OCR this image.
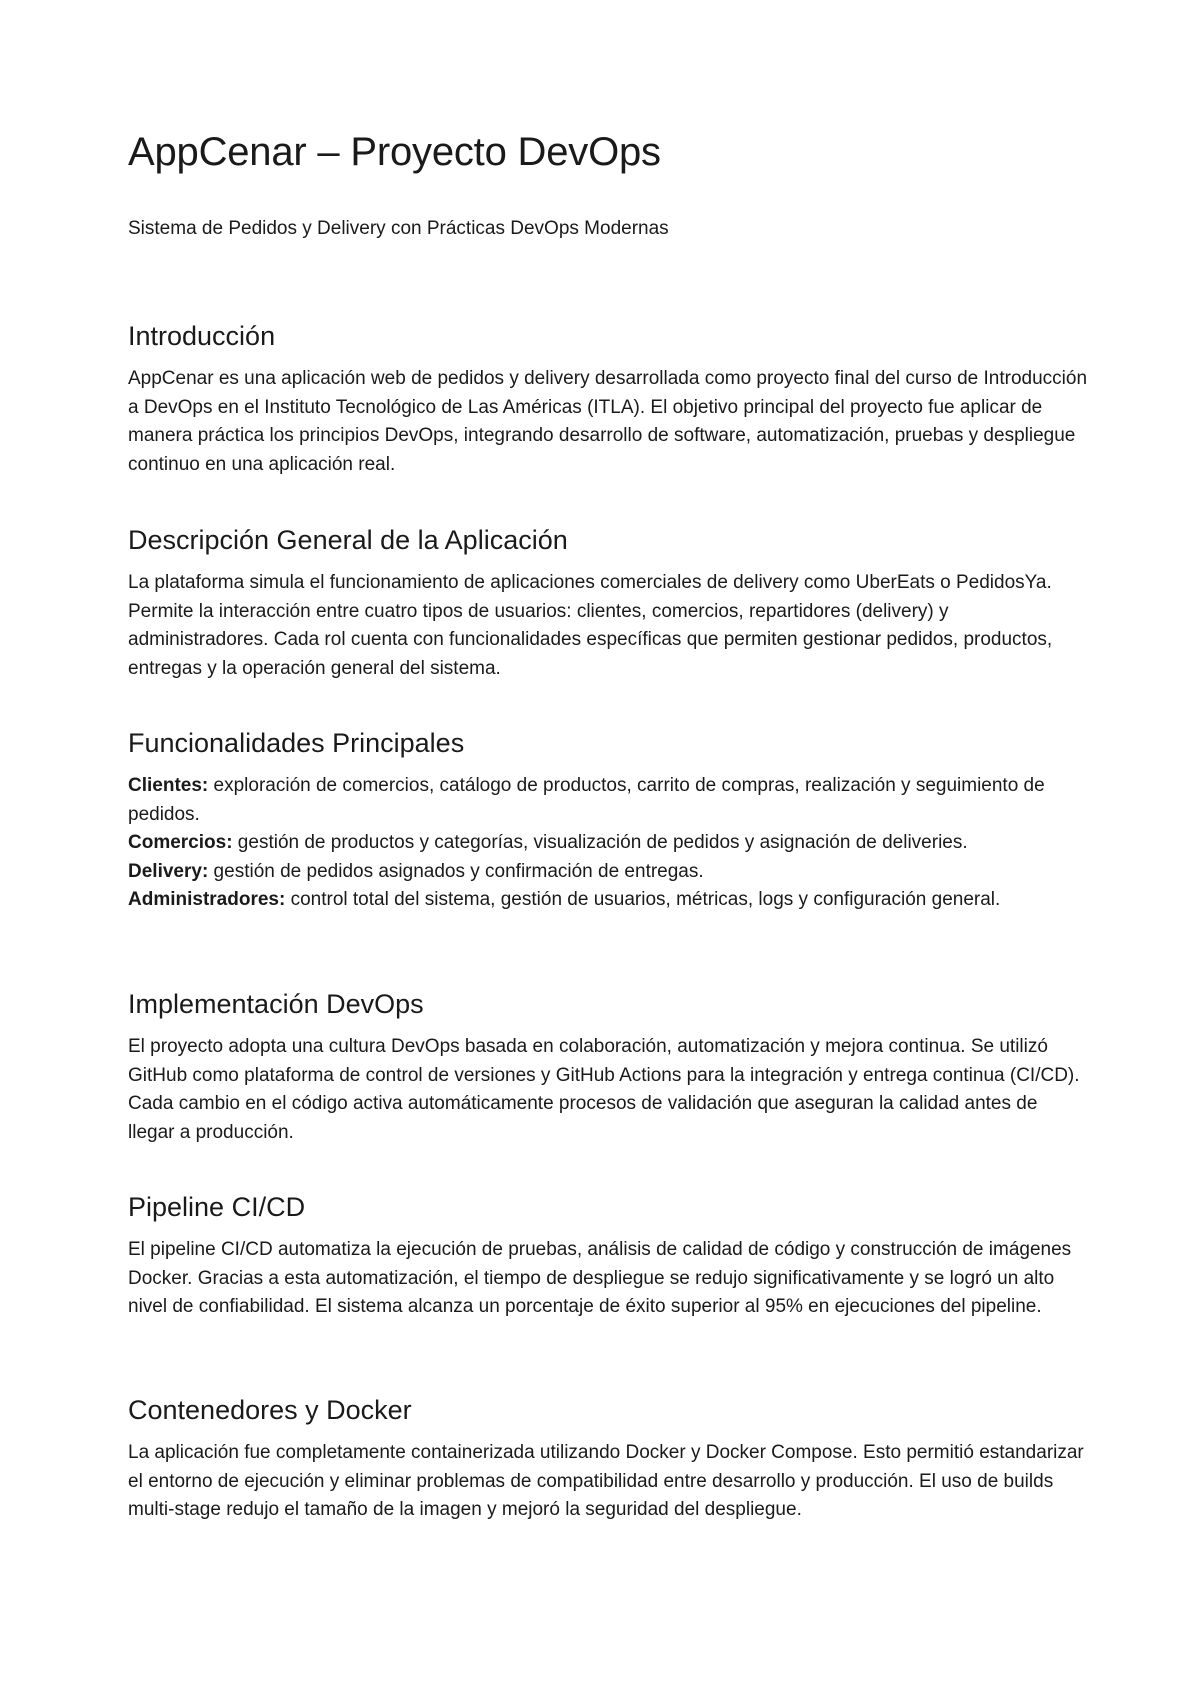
AppCenar – Proyecto DevOps

Sistema de Pedidos y Delivery con Prácticas DevOps Modernas

Introducción

AppCenar es una aplicación web de pedidos y delivery desarrollada como proyecto final del curso de Introducción a DevOps en el Instituto Tecnológico de Las Américas (ITLA). El objetivo principal del proyecto fue aplicar de manera práctica los principios DevOps, integrando desarrollo de software, automatización, pruebas y despliegue continuo en una aplicación real.

Descripción General de la Aplicación

La plataforma simula el funcionamiento de aplicaciones comerciales de delivery como UberEats o PedidosYa. Permite la interacción entre cuatro tipos de usuarios: clientes, comercios, repartidores (delivery) y administradores. Cada rol cuenta con funcionalidades específicas que permiten gestionar pedidos, productos, entregas y la operación general del sistema.

Funcionalidades Principales
Clientes: exploración de comercios, catálogo de productos, carrito de compras, realización y seguimiento de pedidos.
Comercios: gestión de productos y categorías, visualización de pedidos y asignación de deliveries.
Delivery: gestión de pedidos asignados y confirmación de entregas.
Administradores: control total del sistema, gestión de usuarios, métricas, logs y configuración general.
Implementación DevOps

El proyecto adopta una cultura DevOps basada en colaboración, automatización y mejora continua. Se utilizó GitHub como plataforma de control de versiones y GitHub Actions para la integración y entrega continua (CI/CD). Cada cambio en el código activa automáticamente procesos de validación que aseguran la calidad antes de llegar a producción.

Pipeline CI/CD

El pipeline CI/CD automatiza la ejecución de pruebas, análisis de calidad de código y construcción de imágenes Docker. Gracias a esta automatización, el tiempo de despliegue se redujo significativamente y se logró un alto nivel de confiabilidad. El sistema alcanza un porcentaje de éxito superior al 95% en ejecuciones del pipeline.

Contenedores y Docker

La aplicación fue completamente containerizada utilizando Docker y Docker Compose. Esto permitió estandarizar el entorno de ejecución y eliminar problemas de compatibilidad entre desarrollo y producción. El uso de builds multi-stage redujo el tamaño de la imagen y mejoró la seguridad del despliegue.
